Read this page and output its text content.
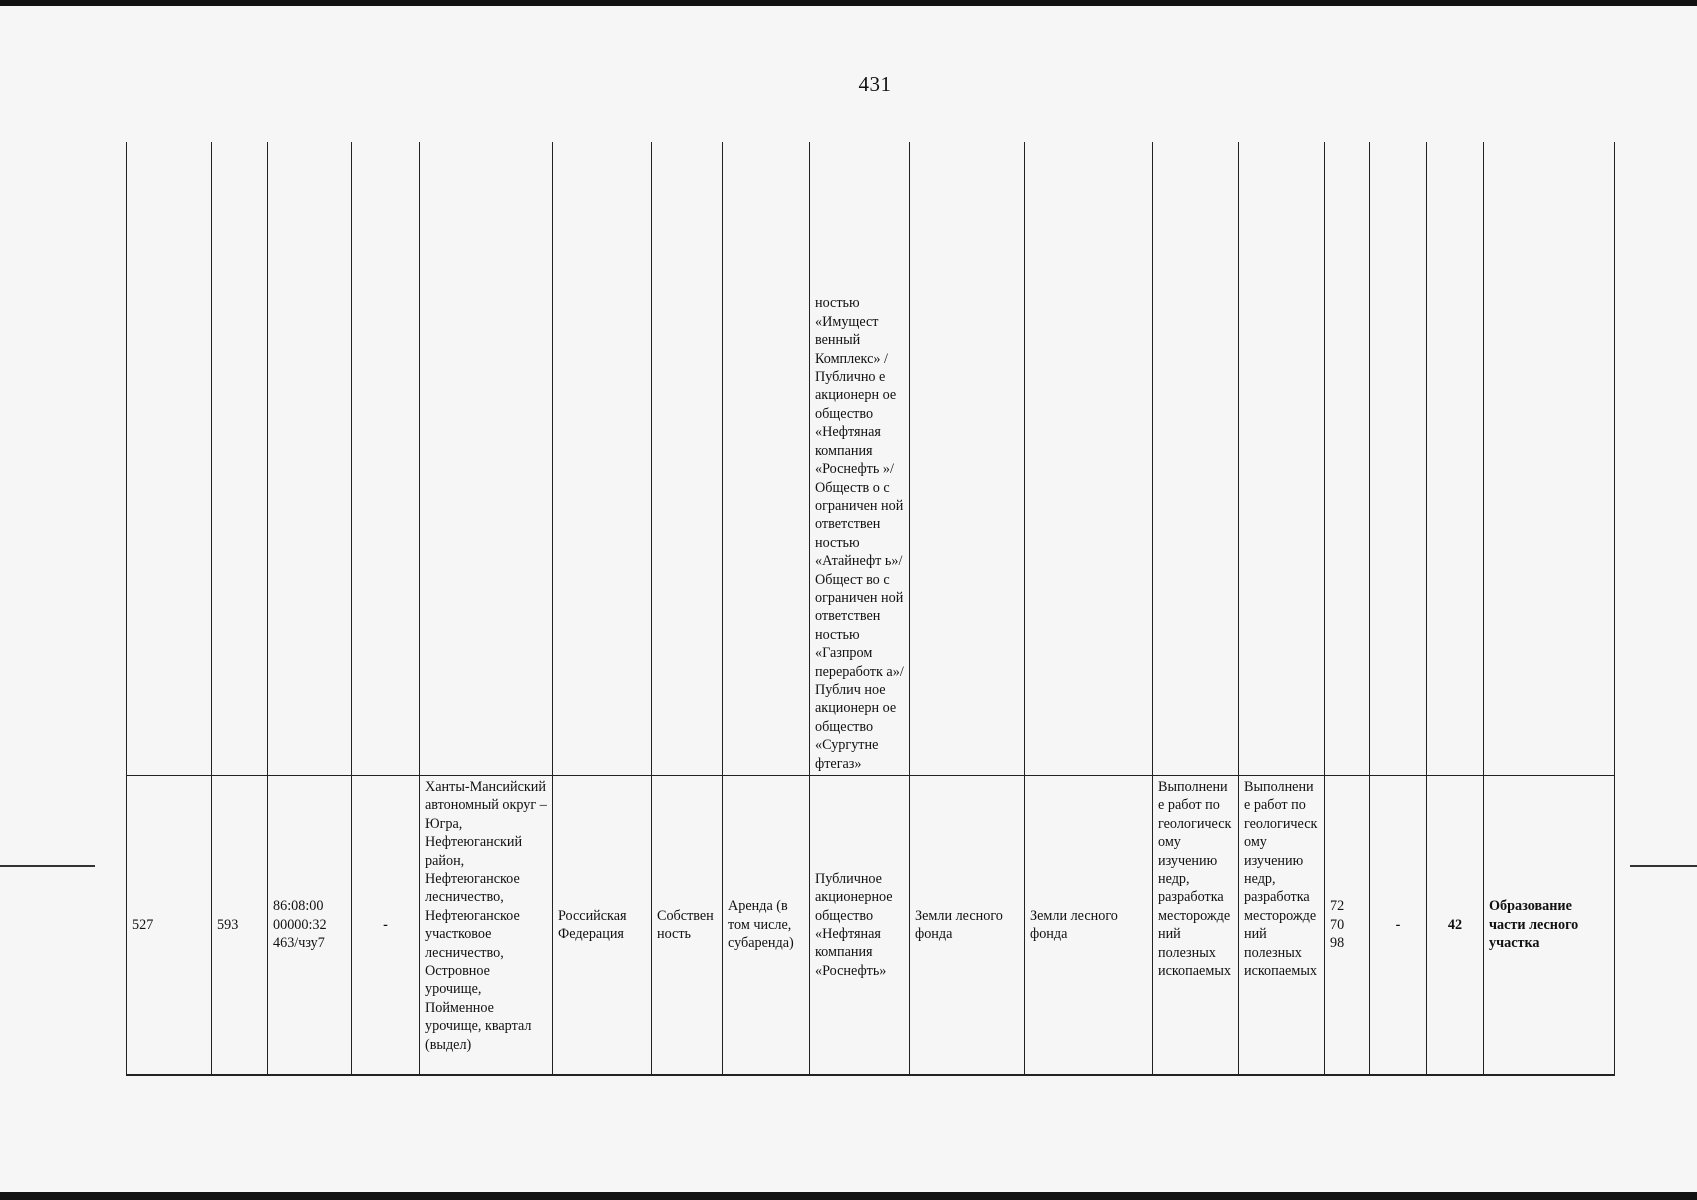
431
								ностью «Имущест венный Комплекс» /Публично е акционерн ое общество «Нефтяная компания «Роснефть »/Обществ о с ограничен ной ответствен ностью «Атайнефт ь»/Общест во с ограничен ной ответствен ностью «Газпром переработк а»/Публич ное акционерн ое общество «Сургутне фтегаз»								
527	593	86:08:00 00000:32 463/чзу7	-	Ханты-Мансийский автономный округ – Югра, Нефтеюганский район, Нефтеюганское лесничество, Нефтеюганское участковое лесничество, Островное урочище, Пойменное урочище, квартал (выдел)	Российская Федерация	Собственность	Аренда (в том числе, субаренда)	Публичное акционерное общество «Нефтяная компания «Роснефть»	Земли лесного фонда	Земли лесного фонда	Выполнение работ по геологическому изучению недр, разработка месторождений полезных ископаемых	Выполнение работ по геологическому изучению недр, разработка месторождений полезных ископаемых	72
70
98	-	42	Образование части лесного участка
